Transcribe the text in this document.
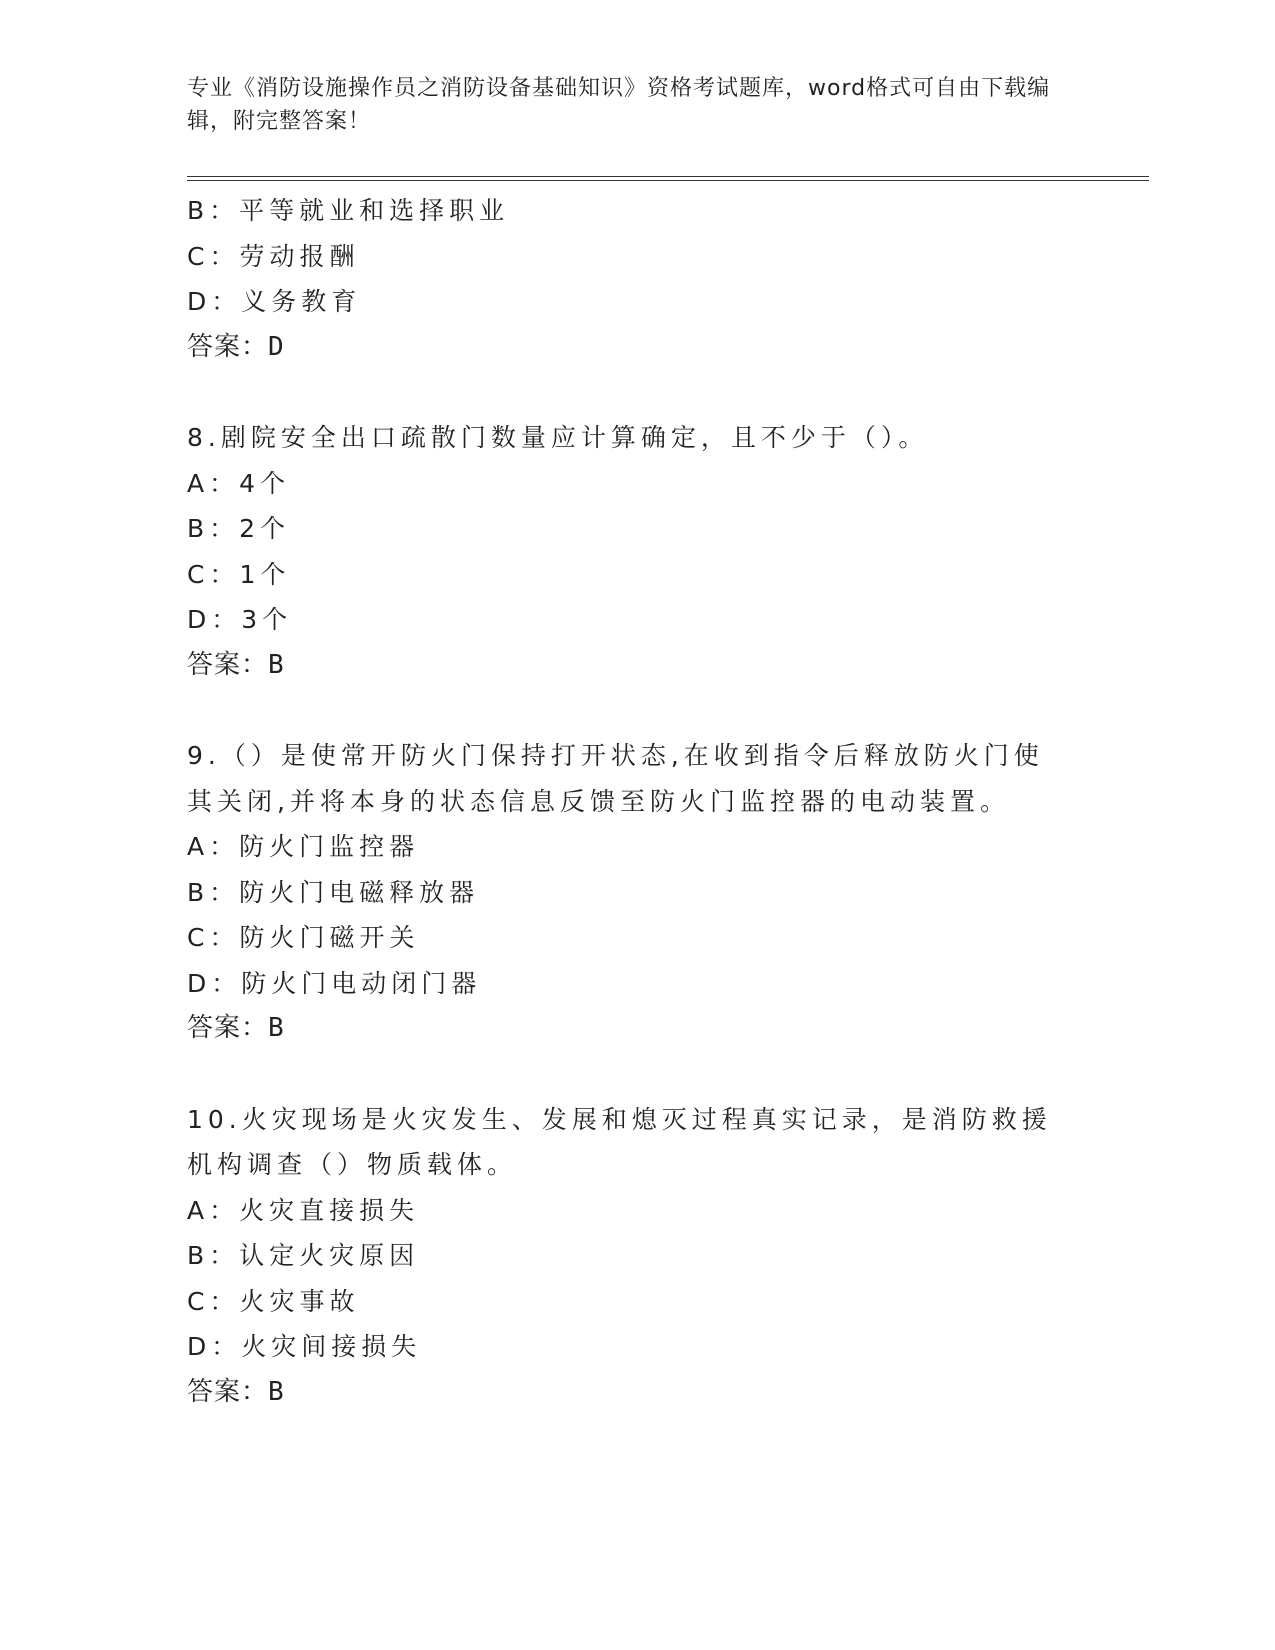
专业《消防设施操作员之消防设备基础知识》资格考试题库，word格式可自由下载编辑，附完整答案！
B：平等就业和选择职业
C：劳动报酬
D：义务教育
答案：D
8.剧院安全出口疏散门数量应计算确定，且不少于（）。
A：4个
B：2个
C：1个
D：3个
答案：B
9.（）是使常开防火门保持打开状态,在收到指令后释放防火门使其关闭,并将本身的状态信息反馈至防火门监控器的电动装置。
A：防火门监控器
B：防火门电磁释放器
C：防火门磁开关
D：防火门电动闭门器
答案：B
10.火灾现场是火灾发生、发展和熄灭过程真实记录，是消防救援机构调查（）物质载体。
A：火灾直接损失
B：认定火灾原因
C：火灾事故
D：火灾间接损失
答案：B
